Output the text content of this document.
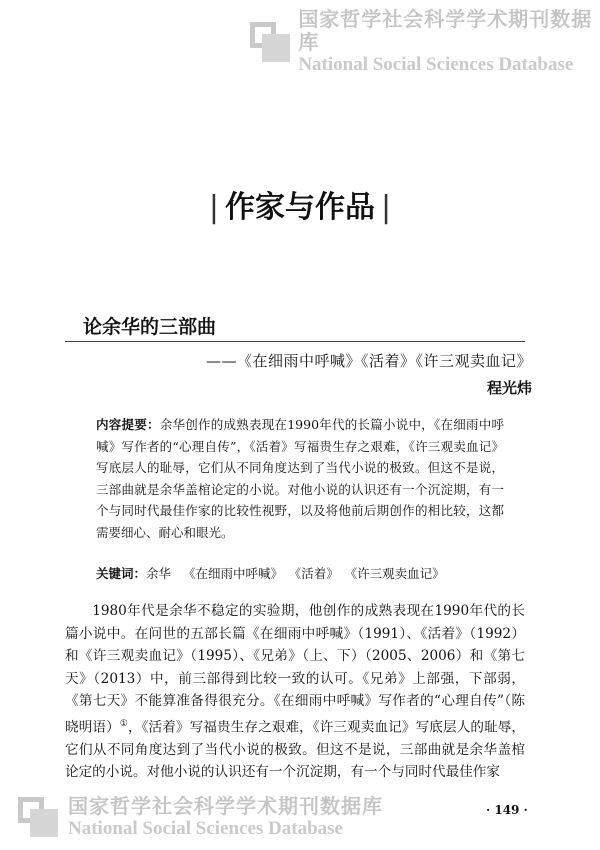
国家哲学社会科学学术期刊数据库
National Social Sciences Database
| 作家与作品 |
论余华的三部曲
——《在细雨中呼喊》《活着》《许三观卖血记》
程光炜
内容提要：余华创作的成熟表现在1990年代的长篇小说中，《在细雨中呼喊》写作者的“心理自传”，《活着》写福贵生存之艰难，《许三观卖血记》写底层人的耻辱，它们从不同角度达到了当代小说的极致。但这不是说，三部曲就是余华盖棺论定的小说。对他小说的认识还有一个沉淀期，有一个与同时代最佳作家的比较性视野，以及将他前后期创作的相比较，这都需要细心、耐心和眼光。
关键词：余华 《在细雨中呼喊》 《活着》 《许三观卖血记》
1980年代是余华不稳定的实验期，他创作的成熟表现在1990年代的长篇小说中。在问世的五部长篇《在细雨中呼喊》（1991）、《活着》（1992）和《许三观卖血记》（1995）、《兄弟》（上、下）（2005、2006）和《第七天》（2013）中，前三部得到比较一致的认可。《兄弟》上部强，下部弱，《第七天》不能算准备得很充分。《在细雨中呼喊》写作者的“心理自传”（陈晓明语）①，《活着》写福贵生存之艰难，《许三观卖血记》写底层人的耻辱，它们从不同角度达到了当代小说的极致。但这不是说，三部曲就是余华盖棺论定的小说。对他小说的认识还有一个沉淀期，有一个与同时代最佳作家
· 149 ·
国家哲学社会科学学术期刊数据库
National Social Sciences Database
